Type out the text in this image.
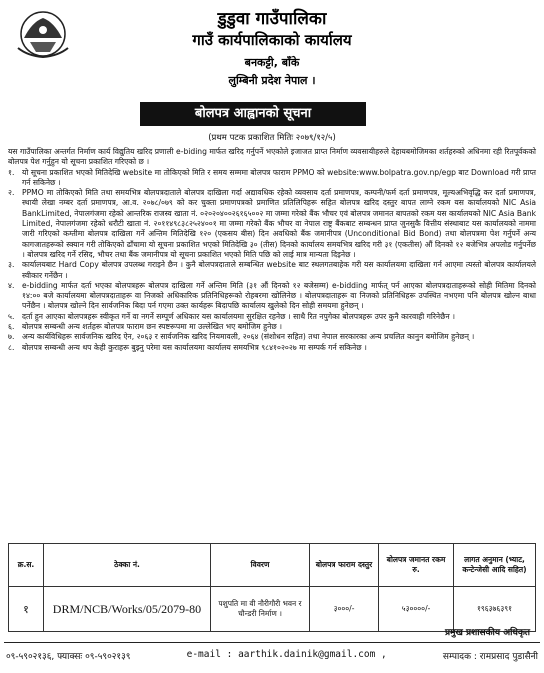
डुडुवा गाउँपालिका
गाउँ कार्यपालिकाको कार्यालय
बनकट्टी, बाँके
लुम्बिनी प्रदेश नेपाल ।
बोलपत्र आह्वानको सूचना
(प्रथम पटक प्रकाशित मितिः २०७९/१२/५)

यस गाउँपालिका अन्तर्गत निर्माण कार्य विद्युतिय खरिद प्रणाली e-biding मार्फत खरिद गर्नुपर्ने भएकोले इजाजत प्राप्त निर्माण व्यवसायीहरुले देहायबमोजिमका शर्तहरुको अधिनमा रही रितपूर्वकको बोलपत्र पेश गर्नुहुन यो सूचना प्रकाशित गरिएको छ ।

१.	यो सूचना प्रकाशित भएको मितिदेखि website मा तोकिएको मिति र समय सम्ममा बोलपत्र फाराम PPMO को website:www.bolpatra.gov.np/egp बाट Download गरी प्राप्त गर्न सकिनेछ ।
२.	PPMO मा तोकिएको मिति तथा समयभित्र बोलपत्रदाताले बोलपत्र दाखिला गर्दा अद्यावधिक रहेको व्यवसाय दर्ता प्रमाणपत्र, कम्पनी/फर्म दर्ता प्रमाणपत्र, मूल्यअभिवृद्धि कर दर्ता प्रमाणपत्र, स्थायी लेखा नम्बर दर्ता प्रमाणपत्र, आ.व. २०७८/०७९ को कर चुक्ता प्रमाणपत्रको प्रमाणित प्रतिलिपिहरू सहित बोलपत्र खरिद दस्तुर बापत लाग्ने रकम यस कार्यालयको NIC Asia BankLimited, नेपालगंजमा रहेको आन्तरिक राजस्व खाता नं. ०२०२०४००२६१६५००२ मा जम्मा गरेको बैंक भौचर एवं बोलपत्र जमानत बापतको रकम यस कार्यालयको NIC Asia Bank Limited, नेपालगंजमा रहेको धरौटी खाता नं. २०११४९८३८२५२४००१ मा जम्मा गरेको बैंक भौचर वा नेपाल राष्ट्र बैंकबाट सम्बन्धन प्राप्त जुनसुकै वित्तीय संस्थाबाट यस कार्यालयको नाममा जारी गरिएको कम्तीमा बोलपत्र दाखिला गर्ने अन्तिम मितिदेखि १२० (एकसय बीस) दिन अवधिको बैंक जमानीपत्र (Unconditional Bid Bond) तथा बोलपत्रमा पेश गर्नुपर्ने अन्य कागजातहरूको स्क्यान गरी तोकिएको ढाँचामा यो सूचना प्रकाशित भएको मितिदेखि ३० (तीस) दिनको कार्यालय समयभित्र खरिद गरी ३१ (एकतीस) औं दिनको १२ बजेभित्र अपलोड गर्नुपर्नेछ । बोलपत्र खरिद गर्ने रसिद, भौचर तथा बैंक जमानीपत्र यो सूचना प्रकाशित भएको मिति पछि को लाई मात्र मान्यता दिइनेछ ।
३.	कार्यालयबाट Hard Copy बोलपत्र उपलब्ध गराइने छैन । कुनै बोलपत्रदाताले सम्बन्धित website बाट स्थलगतबाहेक गरी यस कार्यालयमा दाखिला गर्न आएमा त्यस्तो बोलपत्र कार्यालयले स्वीकार गर्नेछैन ।
४.	e-bidding मार्फत दर्ता भएका बोलपत्रहरू बोलपत्र दाखिला गर्ने अन्तिम मिति (३१ औं दिनको १२ बजेसम्म) e-bidding मार्फत् पर्न आएका बोलपत्रदाताहरूको सोही मितिमा दिनको १४:०० बजे कार्यालयमा बोलपत्रदाताहरू वा निजको अधिकारिक प्रतिनिधिहरूको रोहबरमा खोलिनेछ । बोलपत्रदाताहरू वा निजको प्रतिनिधिहरू उपस्थित नभएमा पनि बोलपत्र खोल्न बाधा पर्नेछैन । बोलपत्र खोल्ने दिन सार्वजनिक बिदा पर्न गएमा उक्त कार्यहरू बिदापछि कार्यालय खुलेको दिन सोही समयमा हुनेछन् ।
५.	दर्ता हुन आएका बोलपत्रहरू स्वीकृत गर्ने वा नगर्ने सम्पूर्ण अधिकार यस कार्यालयमा सुरक्षित रहनेछ । साथै रित नपुगेका बोलपत्रहरू उपर कुनै कारवाही गरिनेछैन ।
६.	बोलपत्र सम्बन्धी अन्य शर्तहरू बोलपत्र फाराम छन स्पष्टरूपमा मा उल्लेखित भए बमोजिम हुनेछ ।
७.	अन्य कार्यविधिहरू सार्वजनिक खरिद ऐन, २०६३ र सार्वजनिक खरिद नियमावली, २०६४ (संशोधन सहित) तथा नेपाल सरकारका अन्य प्रचलित कानुन बमोजिम हुनेछन् ।
८.	बोलपत्र सम्बन्धी अन्य थप केही कुराहरू बुझ्नु परेमा यस कार्यालयमा कार्यालय समयभित्र ९८४१०२०२७ मा सम्पर्क गर्न सकिनेछ ।
क्र.स.	ठेक्का नं.	विवरण	बोलपत्र फाराम दस्तुर	बोलपत्र जमानत रकम रु.	लागत अनुमान (भ्याट, कन्टेन्जेसी आदि सहित)
१	DRM/NCB/Works/05/2079-80	पशुपति मा वी नौरीगौरी भवन र चौन्डरी निर्माण ।	३०००/-	५३००००/-	१९६३७६३९१
प्रमुख प्रशासकीय अधिकृत
०९-५९०२१३६, फ्याक्सः ०९-५९०२१३९	e-mail : aarthik.dainik@gmail.com ,	सम्पादक : रामप्रसाद पुडासैनी
